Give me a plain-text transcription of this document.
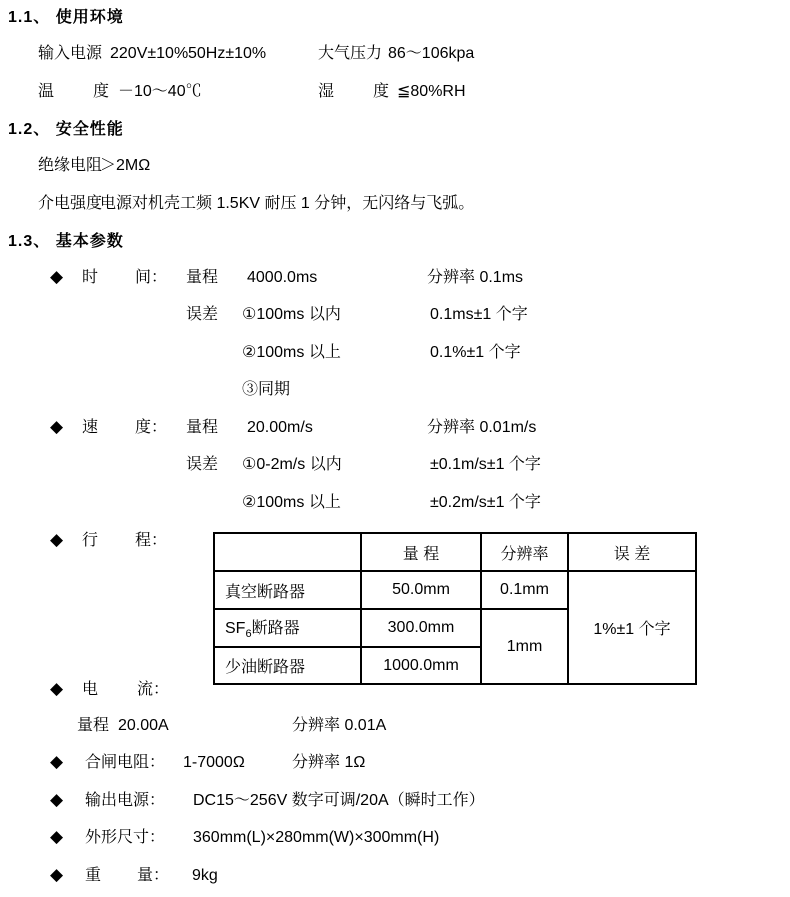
1.1、 使用环境
输入电源 220V±10% 50Hz±10%	大气压力 86～106kpa
温 度 －10～40℃	湿 度 ≦80%RH
1.2、 安全性能
绝缘电阻
＞2MΩ
介电强度
电源对机壳工频 1.5KV 耐压 1 分钟，无闪络与飞弧。
1.3、 基本参数
◆ 时 间： 量程 4000.0ms	分辨率 0.1ms
误差 ①100ms 以内	0.1ms±1 个字
②100ms 以上	0.1%±1 个字
③同期
◆ 速 度： 量程 20.00m/s	分辨率 0.01m/s
误差 ①0-2m/s 以内	±0.1m/s±1 个字
②100ms 以上	±0.2m/s±1 个字
◆ 行 程：
	量 程	分辨率	误 差
真空断路器	50.0mm	0.1mm	1%±1 个字
$SF_6$断路器	300.0mm	1mm	
少油断路器	1000.0mm		
◆ 电 流：
量程 20.00A	分辨率 0.01A
◆ 合闸电阻： 1-7000Ω	分辨率 1Ω
◆ 输出电源： DC15～256V 数字可调/20A（瞬时工作）
◆ 外形尺寸： 360mm(L)×280mm(W)×300mm(H)
◆ 重 量： 9kg
